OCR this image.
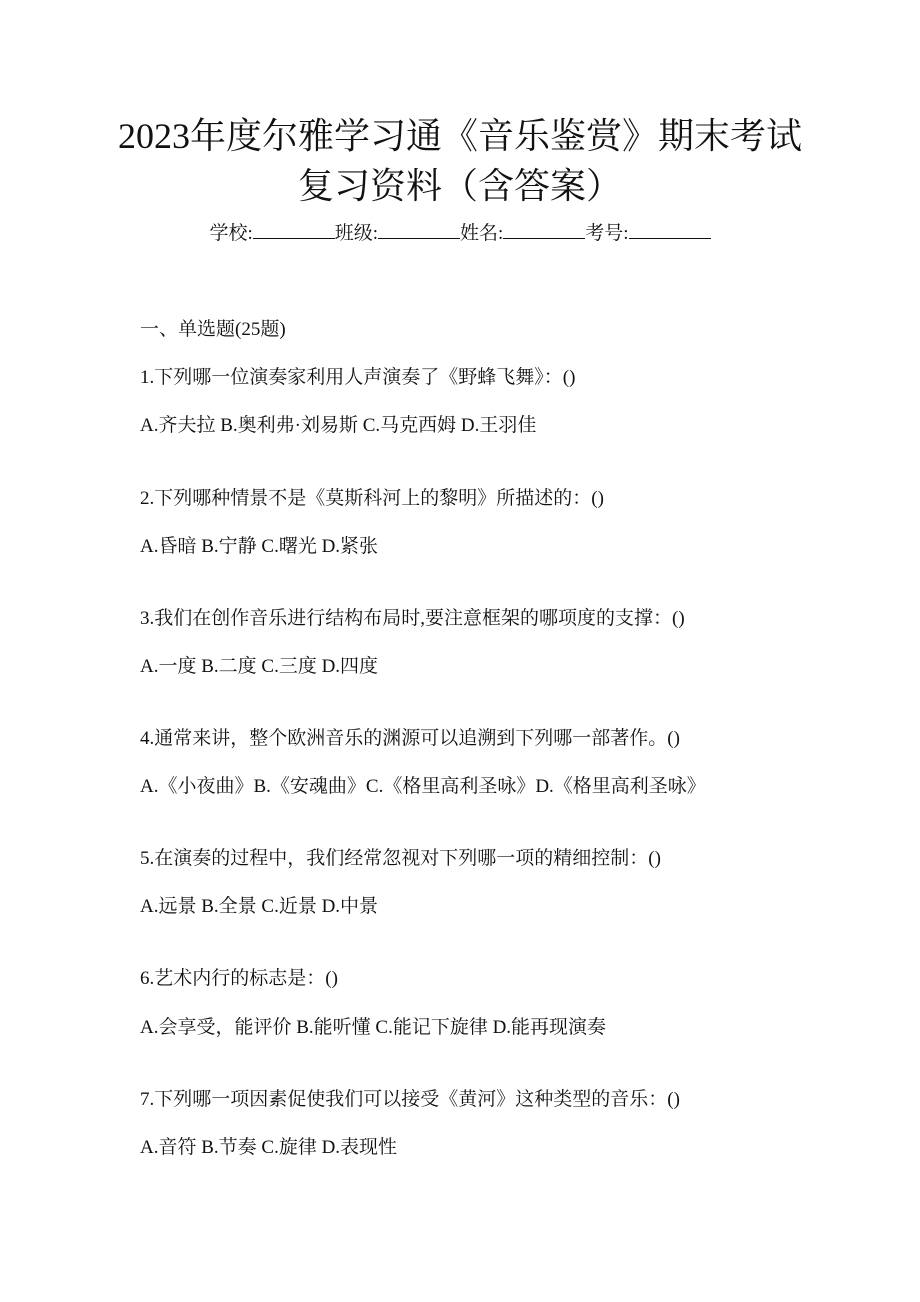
2023年度尔雅学习通《音乐鉴赏》期末考试
复习资料（含答案）
学校:	班级:	姓名:	考号:
一、单选题(25题)
1.下列哪一位演奏家利用人声演奏了《野蜂飞舞》：()
A.齐夫拉 B.奥利弗·刘易斯 C.马克西姆 D.王羽佳
2.下列哪种情景不是《莫斯科河上的黎明》所描述的：()
A.昏暗 B.宁静 C.曙光 D.紧张
3.我们在创作音乐进行结构布局时,要注意框架的哪项度的支撑：()
A.一度 B.二度 C.三度 D.四度
4.通常来讲，整个欧洲音乐的渊源可以追溯到下列哪一部著作。()
A.《小夜曲》B.《安魂曲》C.《格里高利圣咏》D.《格里高利圣咏》
5.在演奏的过程中，我们经常忽视对下列哪一项的精细控制：()
A.远景 B.全景 C.近景 D.中景
6.艺术内行的标志是：()
A.会享受，能评价 B.能听懂 C.能记下旋律 D.能再现演奏
7.下列哪一项因素促使我们可以接受《黄河》这种类型的音乐：()
A.音符 B.节奏 C.旋律 D.表现性
